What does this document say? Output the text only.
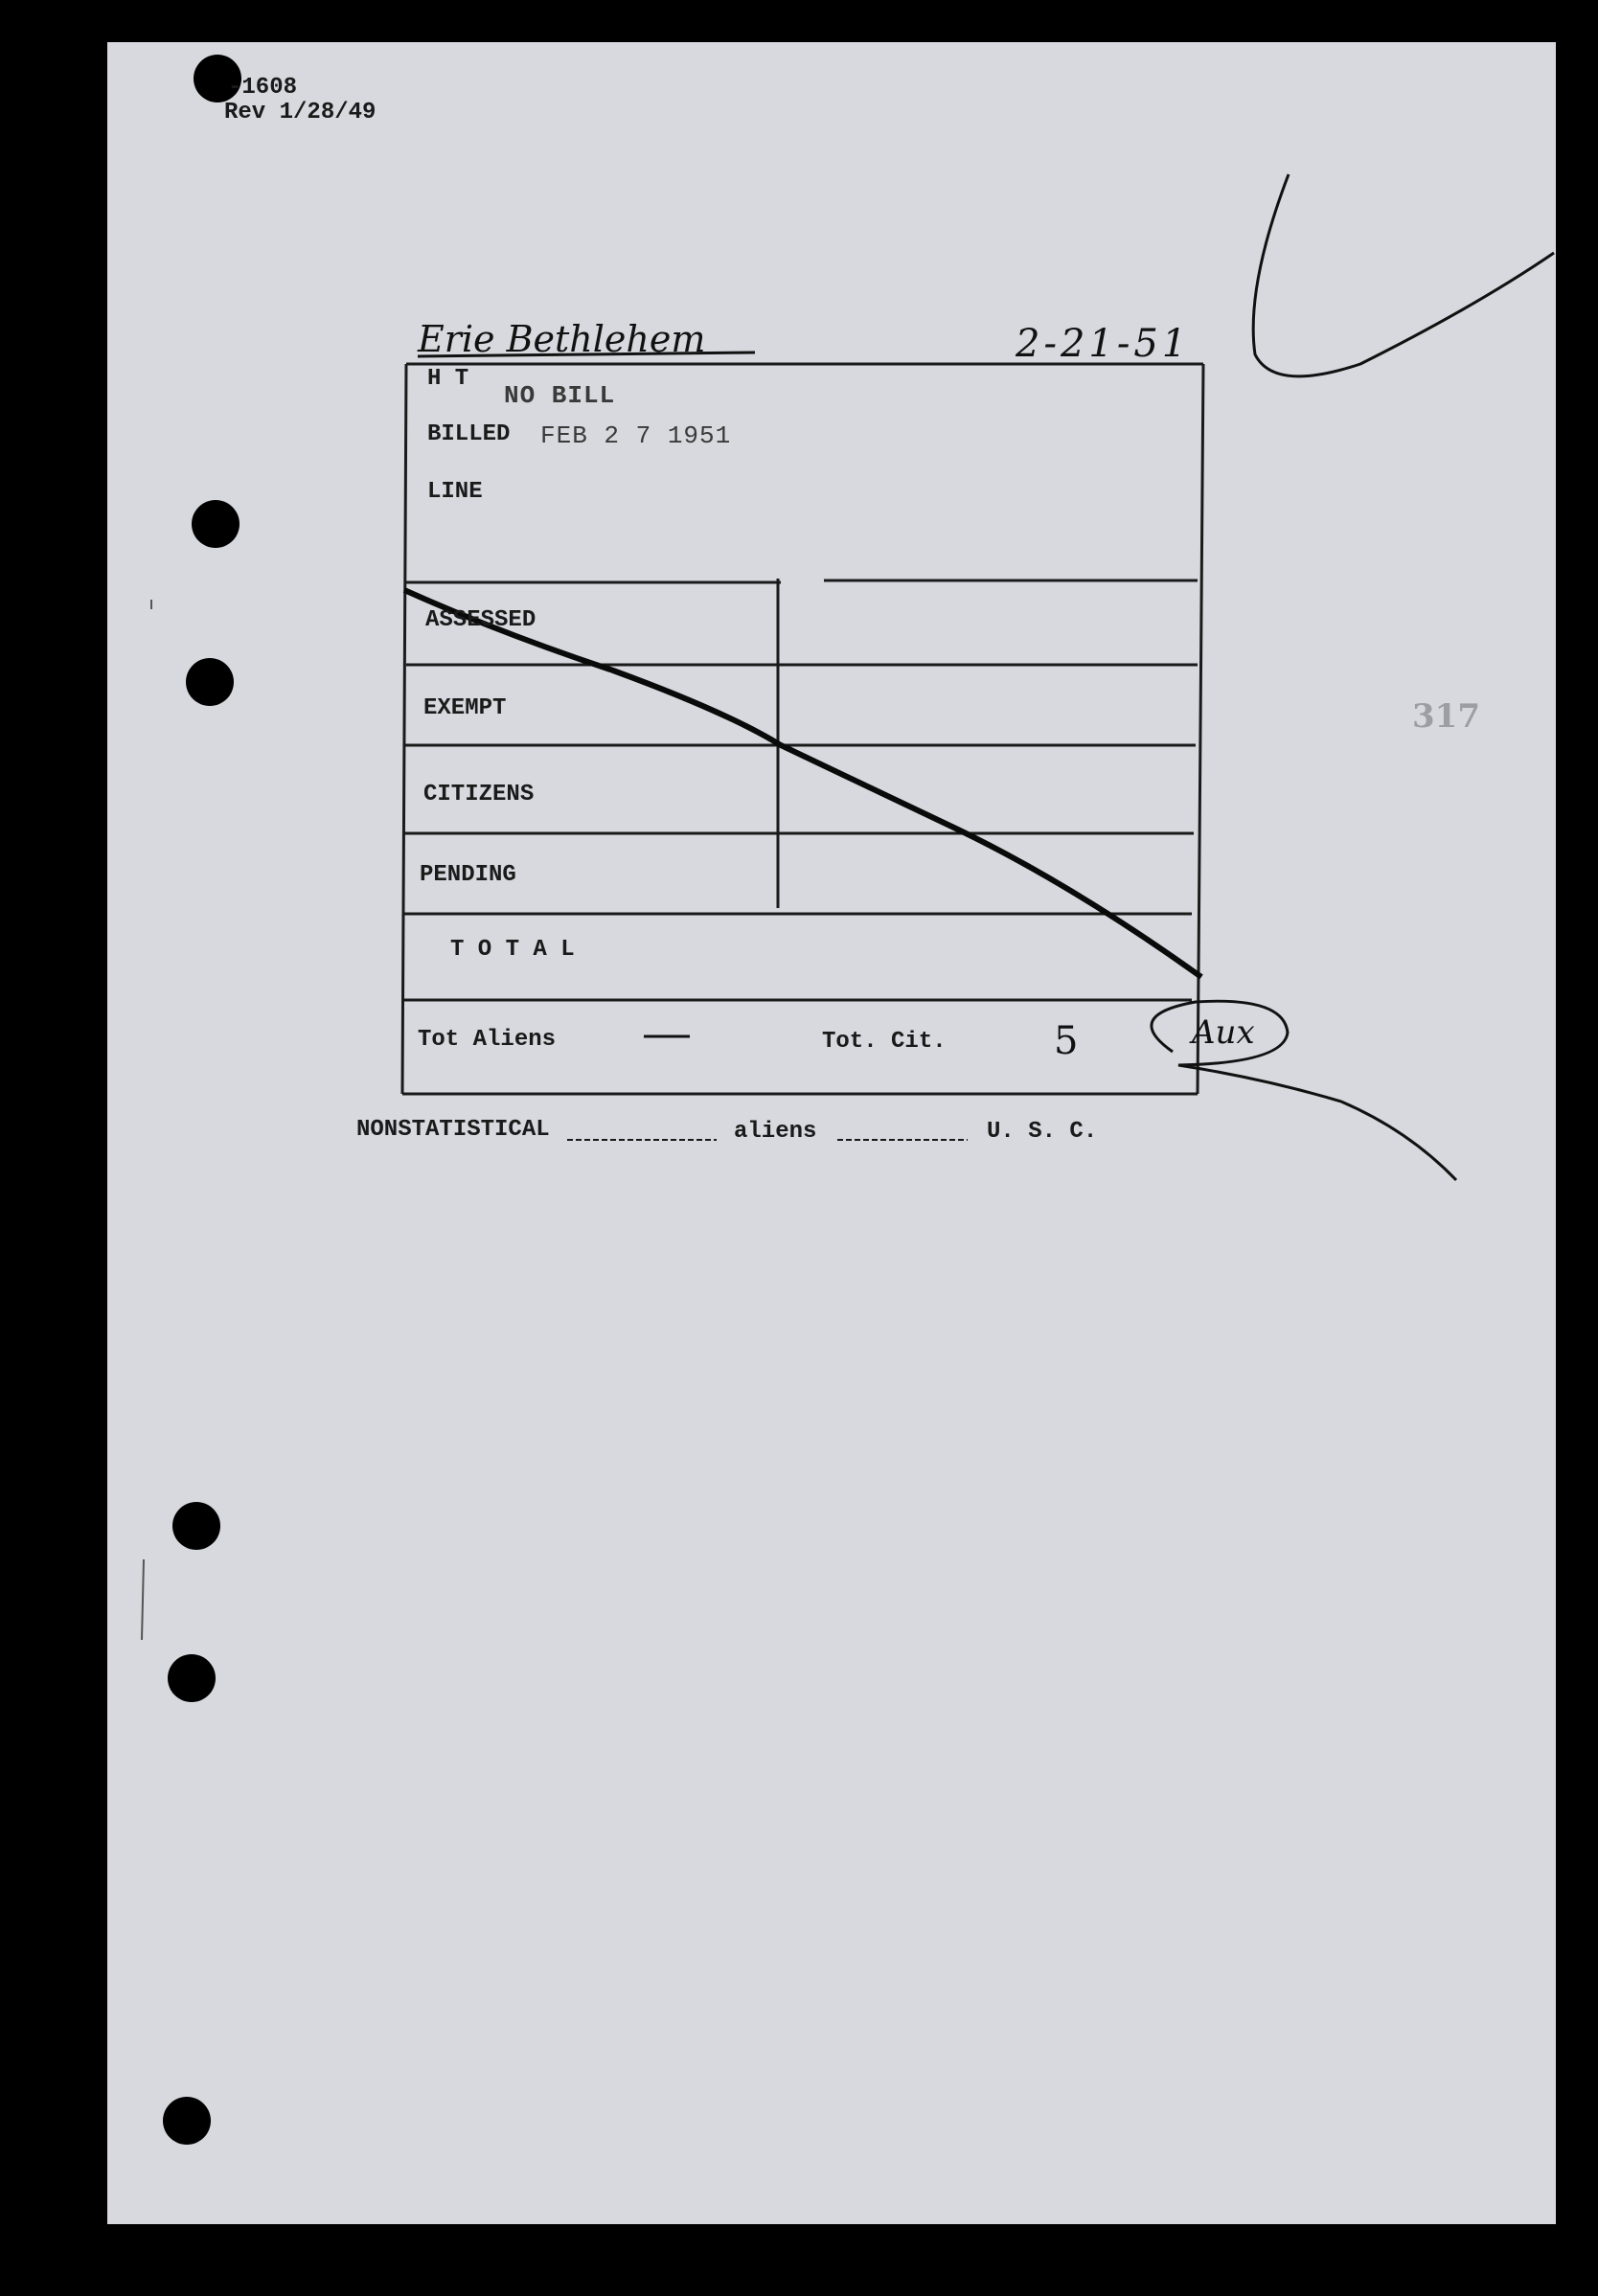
-1608
Rev 1/28/49
Erie Bethlehem	2-21-51
H T
NO BILL
BILLED FEB 2 7 1951
LINE
ASSESSED
EXEMPT
CITIZENS
PENDING
T O T A L
Tot Aliens	Tot. Cit.	5	Aux
NONSTATISTICAL	aliens	U. S. C.
317
